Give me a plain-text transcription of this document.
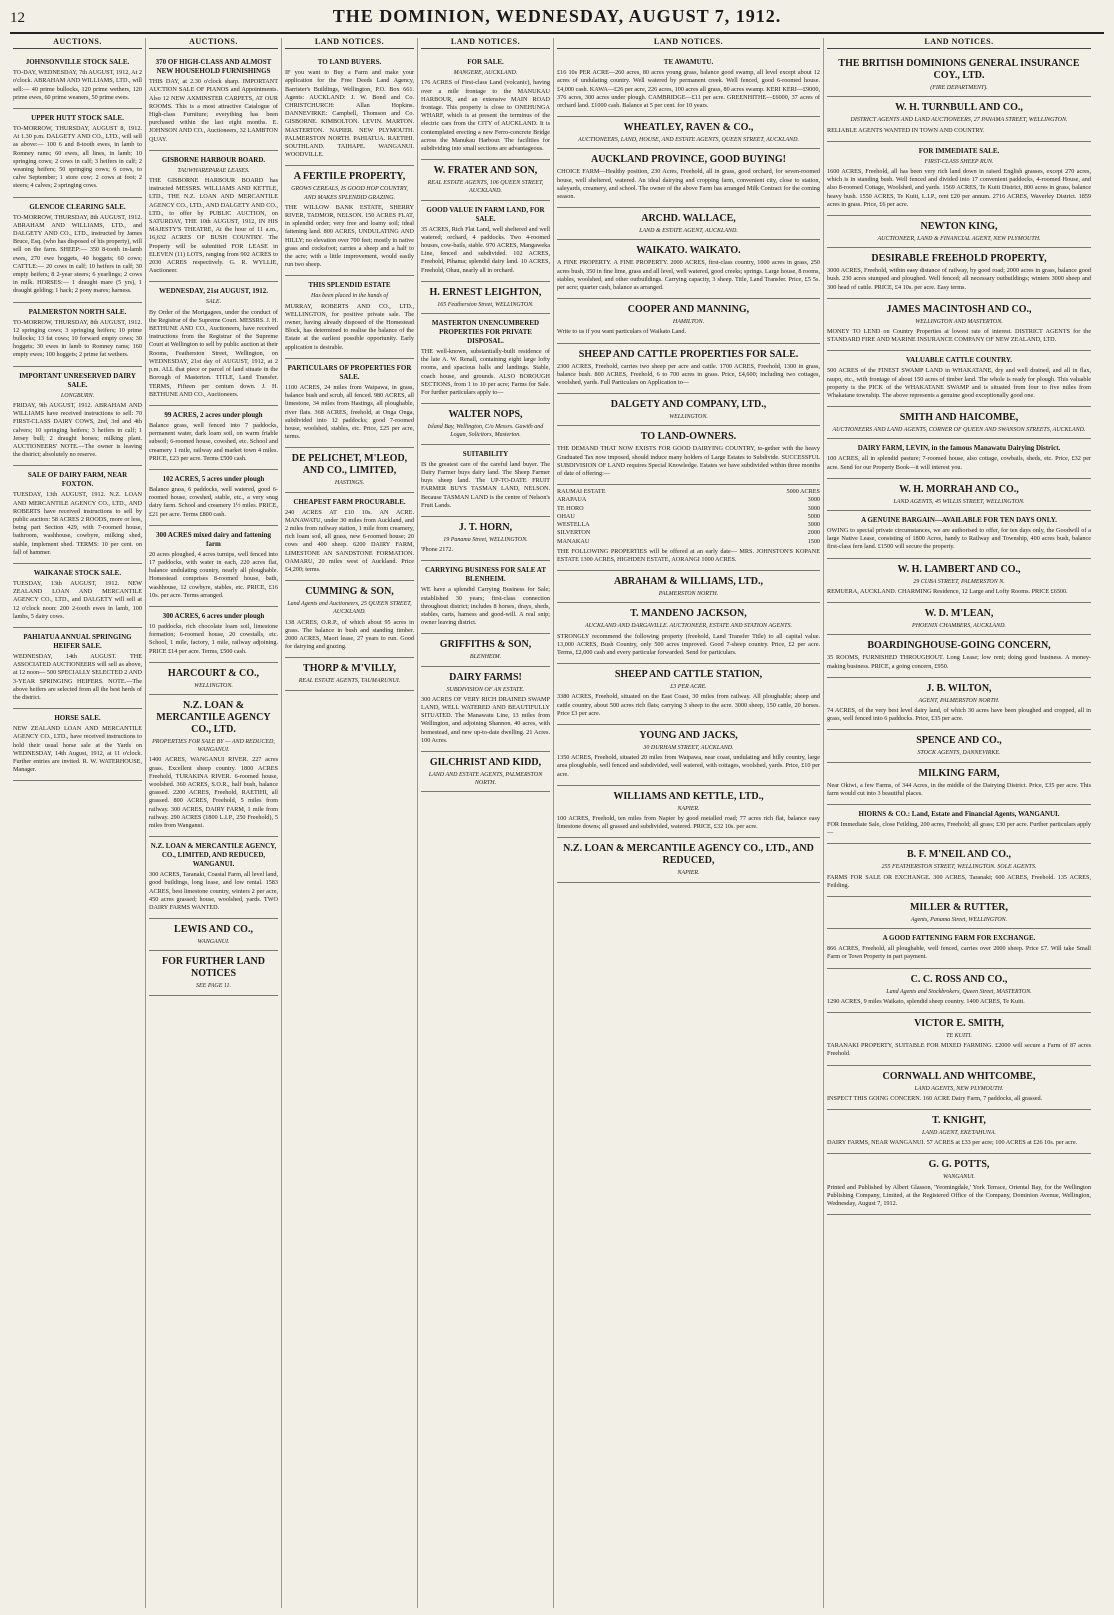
12	THE DOMINION, WEDNESDAY, AUGUST 7, 1912.
AUCTIONS.
JOHNSONVILLE STOCK SALE.
TO-DAY, WEDNESDAY, 7th AUGUST, 1912, At 2 o'clock. ABRAHAM AND WILLIAMS, LTD., will sell:— 40 prime bullocks, 120 prime wethers, 120 prime ewes, 60 prime weaners, 50 prime ewes.
UPPER HUTT STOCK SALE.
TO-MORROW, THURSDAY, AUGUST 8, 1912. At 1.30 p.m. DALGETY AND CO., LTD., will sell as above:— 100 6 and 8-tooth ewes, in lamb to Romney rams; 60 ewes, all lines, in lamb; 10 springing cows; 2 cows in calf; 3 heifers in calf; 2 weaning heifers; 50 springing cows; 6 cows, to calve September; 1 store cow; 2 cows at foot; 2 steers; 4 calves; 2 springing cows.
GLENCOE CLEARING SALE.
TO-MORROW, THURSDAY, 8th AUGUST, 1912. ABRAHAM AND WILLIAMS, LTD., and DALGETY AND CO., LTD., instructed by James Bruce, Esq. (who has disposed of his property), will sell on the farm. SHEEP:— 350 8-tooth in-lamb ewes, 270 ewe hoggets, 40 hoggets; 60 cows; CATTLE:— 20 cows in calf; 10 heifers in calf; 30 empty heifers; 8 2-year steers; 6 yearlings; 2 cows in milk. HORSES:— 1 draught mare (5 yrs), 1 draught gelding; 1 hack; 2 pony mares; harness.
PALMERSTON NORTH SALE.
TO-MORROW, THURSDAY, 8th AUGUST, 1912. 12 springing cows; 3 springing heifers; 10 prime bullocks; 13 fat cows; 10 forward empty cows; 30 hoggets; 30 ewes in lamb to Romney rams; 160 empty ewes; 100 hoggets; 2 prime fat wethers.
IMPORTANT UNRESERVED DAIRY SALE.
LONGBURN.
FRIDAY, 9th AUGUST, 1912. ABRAHAM AND WILLIAMS have received instructions to sell: 70 FIRST-CLASS DAIRY COWS, 2nd, 3rd and 4th calvers; 10 springing heifers; 3 heifers in calf; 1 Jersey bull; 2 draught horses; milking plant. AUCTIONEERS' NOTE.—The owner is leaving the district; absolutely no reserve.
SALE OF DAIRY FARM, NEAR FOXTON.
TUESDAY, 13th AUGUST, 1912. N.Z. LOAN AND MERCANTILE AGENCY CO., LTD., AND ROBERTS have received instructions to sell by public auction: 58 ACRES 2 ROODS, more or less, being part Section 429, with 7-roomed house, bathroom, washhouse, cowbyre, milking shed, stable, implement shed. TERMS: 10 per cent. on fall of hammer.
WAIKANAE STOCK SALE.
TUESDAY, 13th AUGUST, 1912. NEW ZEALAND LOAN AND MERCANTILE AGENCY CO., LTD., and DALGETY will sell at 12 o'clock noon: 200 2-tooth ewes in lamb, 100 lambs, 5 dairy cows.
PAHIATUA ANNUAL SPRINGING HEIFER SALE.
WEDNESDAY, 14th AUGUST. THE ASSOCIATED AUCTIONEERS will sell as above, at 12 noon— 500 SPECIALLY SELECTED 2 AND 3-YEAR SPRINGING HEIFERS. NOTE.—The above heifers are selected from all the best herds of the district.
HORSE SALE.
NEW ZEALAND LOAN AND MERCANTILE AGENCY CO., LTD., have received instructions to hold their usual horse sale at the Yards on WEDNESDAY, 14th August, 1912, at 11 o'clock. Further entries are invited. R. W. WATERHOUSE, Manager.
AUCTIONS.
370 OF HIGH-CLASS AND ALMOST NEW HOUSEHOLD FURNISHINGS
THIS DAY, at 2.30 o'clock sharp. IMPORTANT AUCTION SALE OF PIANOS and Appointments. Also 12 NEW AXMINSTER CARPETS, AT OUR ROOMS. This is a most attractive Catalogue of High-class Furniture; everything has been purchased within the last eight months. E. JOHNSON AND CO., Auctioneers, 32 LAMBTON QUAY.
GISBORNE HARBOUR BOARD.
TAUWHAREPARAE LEASES.
THE GISBORNE HARBOUR BOARD has instructed MESSRS. WILLIAMS AND KETTLE, LTD., THE N.Z. LOAN AND MERCANTILE AGENCY CO., LTD., AND DALGETY AND CO., LTD., to offer by PUBLIC AUCTION, on SATURDAY, THE 10th AUGUST, 1912, IN HIS MAJESTY'S THEATRE, At the hour of 11 a.m., 16,632 ACRES OF BUSH COUNTRY. The Property will be submitted FOR LEASE in ELEVEN (11) LOTS, ranging from 902 ACRES to 2030 ACRES respectively. G. R. WYLLIE, Auctioneer.
WEDNESDAY, 21st AUGUST, 1912.
SALE.
By Order of the Mortgagees, under the conduct of the Registrar of the Supreme Court. MESSRS. J. H. BETHUNE AND CO., Auctioneers, have received instructions from the Registrar of the Supreme Court at Wellington to sell by public auction at their Rooms, Featherston Street, Wellington, on WEDNESDAY, 21st day of AUGUST, 1912, at 2 p.m. ALL that piece or parcel of land situate in the Borough of Masterton. TITLE, Land Transfer. TERMS, Fifteen per centum down. J. H. BETHUNE AND CO., Auctioneers.
99 ACRES, 2 acres under plough
Balance grass, well fenced into 7 paddocks, permanent water, dark loam soil, on warm friable subsoil; 6-roomed house, cowshed, etc. School and creamery 1 mile, railway and market town 4 miles. PRICE, £23 per acre. Terms £500 cash.
102 ACRES, 5 acres under plough
Balance grass, 6 paddocks, well watered, good 6-roomed house, cowshed, stable, etc., a very snug dairy farm. School and creamery 1½ miles. PRICE, £21 per acre. Terms £800 cash.
300 ACRES mixed dairy and fattening farm
20 acres ploughed, 4 acres turnips, well fenced into 17 paddocks, with water in each, 220 acres flat, balance undulating country, nearly all ploughable. Homestead comprises 8-roomed house, bath, washhouse, 12 cowbyre, stables, etc. PRICE, £16 10s. per acre. Terms arranged.
300 ACRES, 6 acres under plough
10 paddocks, rich chocolate loam soil, limestone formation; 6-roomed house, 20 cowstalls, etc. School, 1 mile, factory, 1 mile, railway adjoining. PRICE £14 per acre. Terms, £500 cash.
HARCOURT & CO.,
WELLINGTON.
N.Z. LOAN & MERCANTILE AGENCY CO., LTD.
PROPERTIES FOR SALE BY — AND REDUCED, WANGANUI.
1400 ACRES, WANGANUI RIVER. 227 acres grass. Excellent sheep country. 1800 ACRES Freehold, TURAKINA RIVER. 6-roomed house, woolshed. 360 ACRES, S.O.R., half bush, balance grassed. 2200 ACRES, Freehold, RAETIHI, all grassed. 800 ACRES, Freehold, 5 miles from railway. 300 ACRES, DAIRY FARM, 1 mile from railway. 290 ACRES (1800 L.I.P., 250 Freehold), 5 miles from Wanganui.
N.Z. LOAN & MERCANTILE AGENCY, CO., LIMITED, AND REDUCED, WANGANUI.
300 ACRES, Taranaki, Coastal Farm, all level land, good buildings, long lease, and low rental. 1583 ACRES, best limestone country, winters 2 per acre, 450 acres grassed; house, woolshed, yards. TWO DAIRY FARMS WANTED.
LEWIS AND CO.,
WANGANUI.
FOR FURTHER LAND NOTICES
SEE PAGE 11.
LAND NOTICES.
TO LAND BUYERS.
IF you want to Buy a Farm and make your application for the Free Deeds Land Agency, Barrister's Buildings, Wellington, P.O. Box 661. Agents: AUCKLAND: J. W. Bond and Co. CHRISTCHURCH: Allan Hopkins. DANNEVIRKE: Campbell, Thomson and Co. GISBORNE. KIMBOLTON. LEVIN. MARTON. MASTERTON. NAPIER. NEW PLYMOUTH. PALMERSTON NORTH. PAHIATUA. RAETIHI. SOUTHLAND. TAIHAPE. WANGANUI. WOODVILLE.
A FERTILE PROPERTY,
GROWS CEREALS, IS GOOD HOP COUNTRY, AND MAKES SPLENDID GRAZING.
THE WILLOW BANK ESTATE, SHERRY RIVER, TADMOR, NELSON. 150 ACRES FLAT, in splendid order; very free and loamy soil; ideal fattening land. 800 ACRES, UNDULATING AND HILLY; no elevation over 700 feet; mostly in native grass and cocksfoot; carries a sheep and a half to the acre; with a little improvement, would easily run two sheep.
THIS SPLENDID ESTATE
Has been placed in the hands of
MURRAY, ROBERTS AND CO., LTD., WELLINGTON, for positive private sale. The owner, having already disposed of the Homestead Block, has determined to realise the balance of the Estate at the earliest possible opportunity. Early application is desirable.
PARTICULARS OF PROPERTIES FOR SALE.
1100 ACRES, 24 miles from Waipawa, in grass, balance bush and scrub, all fenced. 980 ACRES, all limestone, 34 miles from Hastings, all ploughable, river flats. 368 ACRES, freehold, at Onga Onga, subdivided into 12 paddocks; good 7-roomed house, woolshed, stables, etc. Price, £25 per acre, terms.
DE PELICHET, M'LEOD, AND CO., LIMITED,
HASTINGS.
CHEAPEST FARM PROCURABLE.
240 ACRES AT £10 10s. AN ACRE. MANAWATU, under 30 miles from Auckland, and 2 miles from railway station, 1 mile from creamery, rich loam soil, all grass, new 6-roomed house; 20 cows and 400 sheep. 6200 DAIRY FARM, LIMESTONE AN SANDSTONE FORMATION. OAMARU, 20 miles west of Auckland. Price £4,200; terms.
CUMMING & SON,
Land Agents and Auctioneers, 25 QUEEN STREET, AUCKLAND.
138 ACRES, O.R.P., of which about 95 acres in grass. The balance in bush and standing timber. 2000 ACRES, Maori lease, 27 years to run. Good for dairying and grazing.
THORP & M'VILLY,
REAL ESTATE AGENTS, TAUMARUNUI.
LAND NOTICES.
FOR SALE.
MANGERE, AUCKLAND.
176 ACRES of First-class Land (volcanic), having over a mile frontage to the MANUKAU HARBOUR, and an extensive MAIN ROAD frontage. This property is close to ONEHUNGA WHARF, which is at present the terminus of the electric cars from the CITY of AUCKLAND. It is contemplated erecting a new Ferro-concrete Bridge across the Manukau Harbour. The facilities for subdividing into small sections are advantageous.
W. FRATER AND SON,
REAL ESTATE AGENTS, 106 QUEEN STREET, AUCKLAND.
GOOD VALUE IN FARM LAND, FOR SALE.
35 ACRES, Rich Flat Land, well sheltered and well watered; orchard, 4 paddocks. Two 4-roomed houses, cow-bails, stable. 970 ACRES, Mangaweka Line, fenced and subdivided. 102 ACRES, Freehold, Pihama; splendid dairy land. 10 ACRES, Freehold, Ohau, nearly all in orchard.
H. ERNEST LEIGHTON,
165 Featherston Street, WELLINGTON.
MASTERTON UNENCUMBERED PROPERTIES FOR PRIVATE DISPOSAL.
THE well-known, substantially-built residence of the late A. W. Renall, containing eight large lofty rooms, and spacious halls and landings. Stable, coach house, and grounds. ALSO BOROUGH SECTIONS, from 1 to 10 per acre; Farms for Sale. For further particulars apply to—
WALTER NOPS,
Island Bay, Wellington, C/o Messrs. Gawith and Logan, Solicitors, Masterton.
SUITABILITY
IS the greatest care of the careful land buyer. The Dairy Farmer buys dairy land. The Sheep Farmer buys sheep land. The UP-TO-DATE FRUIT FARMER BUYS TASMAN LAND, NELSON. Because TASMAN LAND is the centre of Nelson's Fruit Lands.
J. T. HORN,
19 Panama Street, WELLINGTON.
'Phone 2172.
CARRYING BUSINESS FOR SALE AT BLENHEIM.
WE have a splendid Carrying Business for Sale; established 30 years; first-class connection throughout district; includes 8 horses, drays, sheds, stables, carts, harness and good-will. A real snip; owner leaving district.
GRIFFITHS & SON,
BLENHEIM.
DAIRY FARMS!
SUBDIVISION OF AN ESTATE.
300 ACRES OF VERY RICH DRAINED SWAMP LAND, WELL WATERED AND BEAUTIFULLY SITUATED. The Manawatu Line, 13 miles from Wellington, and adjoining Shannon. 40 acres, with homestead, and new up-to-date dwelling. 21 Acres. 100 Acres.
GILCHRIST AND KIDD,
LAND AND ESTATE AGENTS, PALMERSTON NORTH.
LAND NOTICES.
TE AWAMUTU.
£16 10s PER ACRE—260 acres, 80 acres young grass, balance good swamp, all level except about 12 acres of undulating country. Well watered by permanent creek. Well fenced, good 6-roomed house. £4,000 cash. KAWA—£26 per acre, 226 acres, 100 acres all grass, 80 acres swamp. KERI KERI—£9000, 376 acres, 300 acres under plough. CAMBRIDGE—£11 per acre. GREENHITHE—£6000, 37 acres of orchard land. £1000 cash. Balance at 5 per cent. for 10 years.
WHEATLEY, RAVEN & CO.,
AUCTIONEERS, LAND, HOUSE, AND ESTATE AGENTS, QUEEN STREET, AUCKLAND.
AUCKLAND PROVINCE, GOOD BUYING!
CHOICE FARM—Healthy position, 230 Acres, Freehold, all in grass, good orchard, for seven-roomed house, well sheltered, watered. An ideal dairying and cropping farm, convenient city, close to station, saleyards, creamery, and school. The owner of the above Farm has arranged Milk Contract for the coming season.
ARCHD. WALLACE,
LAND & ESTATE AGENT, AUCKLAND.
WAIKATO. WAIKATO.
A FINE PROPERTY. A FINE PROPERTY. 2000 ACRES, first-class country, 1000 acres in grass, 250 acres bush, 350 in fine lime, grass and all level, well watered, good creeks; springs. Large house, 8 rooms, stables, woolshed, and other outbuildings. Carrying capacity, 3 sheep. Title, Land Transfer. Price, £5 5s. per acre; quarter cash, balance as arranged.
COOPER AND MANNING,
HAMILTON.
Write to us if you want particulars of Waikato Land.
SHEEP AND CATTLE PROPERTIES FOR SALE.
2300 ACRES, Freehold, carries two sheep per acre and cattle. 1700 ACRES, Freehold, 1300 in grass, balance bush. 800 ACRES, Freehold, 6 to 700 acres in grass. Price, £4,600; including two cottages, woolshed, yards. Full Particulars on Application to—
DALGETY AND COMPANY, LTD.,
WELLINGTON.
TO LAND-OWNERS.
THE DEMAND THAT NOW EXISTS FOR GOOD DAIRYING COUNTRY, to-gether with the heavy Graduated Tax now imposed, should induce many holders of Large Estates to Subdivide. SUCCESSFUL SUBDIVISION OF LAND requires Special Knowledge. Estates we have subdivided within three months of date of offering:—
RAUMAI ESTATE	5000 ACRES
ARAPAUA	3000
TE HORO	3000
OHAU	5000
WESTELLA	3000
SILVERTON	2000
MANAKAU	1500
THE FOLLOWING PROPERTIES will be offered at an early date— MRS. JOHNSTON'S KOPANE ESTATE 1300 ACRES, HIGHDEN ESTATE, AORANGI 1000 ACRES.
ABRAHAM & WILLIAMS, LTD.,
PALMERSTON NORTH.
T. MANDENO JACKSON,
AUCKLAND AND DARGAVILLE. AUCTIONEER, ESTATE AND STATION AGENTS.
STRONGLY recommend the following property (freehold, Land Transfer Title) to all capital value. 13,000 ACRES, Bush Country, only 500 acres improved. Good 7-sheep country. Price, £2 per acre. Terms, £2,000 cash and every particular forwarded. Send for particulars.
SHEEP AND CATTLE STATION,
£3 PER ACRE.
3380 ACRES, Freehold, situated on the East Coast, 30 miles from railway. All ploughable; sheep and cattle country, about 500 acres rich flats; carrying 3 sheep to the acre. 3000 sheep, 150 cattle, 20 horses. Price £3 per acre.
YOUNG AND JACKS,
30 DURHAM STREET, AUCKLAND.
1350 ACRES, Freehold, situated 20 miles from Waipawa, near coast, undulating and hilly country, large area ploughable, well fenced and subdivided, well watered, with cottages, woolshed, yards. Price, £10 per acre.
WILLIAMS AND KETTLE, LTD.,
NAPIER.
100 ACRES, Freehold, ten miles from Napier by good metalled road; 77 acres rich flat, balance easy limestone downs; all grassed and subdivided, watered. PRICE, £32 10s. per acre.
N.Z. LOAN & MERCANTILE AGENCY CO., LTD., AND REDUCED,
NAPIER.
LAND NOTICES.
THE BRITISH DOMINIONS GENERAL INSURANCE COY., LTD.
(FIRE DEPARTMENT).
W. H. TURNBULL AND CO.,
DISTRICT AGENTS AND LAND AUCTIONEERS, 27 PANAMA STREET, WELLINGTON.
RELIABLE AGENTS WANTED IN TOWN AND COUNTRY.
FOR IMMEDIATE SALE.
FIRST-CLASS SHEEP RUN.
1600 ACRES, Freehold, all has been very rich land down in raised English grasses, except 270 acres, which is in standing bush. Well fenced and divided into 17 convenient paddocks, 4-roomed House, and also 8-roomed Cottage, Woolshed, and yards. 1569 ACRES, Te Kuiti District, 800 acres in grass, balance heavy bush. 1550 ACRES, Te Kuiti, L.I.P., rent £20 per annum. 2716 ACRES, Waverley District. 1859 acres in grass. Price, £6 per acre.
NEWTON KING,
AUCTIONEER, LAND & FINANCIAL AGENT, NEW PLYMOUTH.
DESIRABLE FREEHOLD PROPERTY,
3000 ACRES, Freehold, within easy distance of railway, by good road; 2000 acres in grass, balance good bush. 230 acres stumped and ploughed. Well fenced; all necessary outbuildings; winters 3000 sheep and 300 head of cattle. PRICE, £4 10s. per acre. Easy terms.
JAMES MACINTOSH AND CO.,
WELLINGTON AND MASTERTON.
MONEY TO LEND on Country Properties at lowest rate of interest. DISTRICT AGENTS for the STANDARD FIRE AND MARINE INSURANCE COMPANY OF NEW ZEALAND, LTD.
VALUABLE CATTLE COUNTRY.
500 ACRES of the FINEST SWAMP LAND in WHAKATANE, dry and well drained, and all in flax, raupo, etc., with frontage of about 150 acres of timber land. The whole is ready for plough. This valuable property is the PICK of the WHAKATANE SWAMP and is situated from four to five miles from Whakatane township. The above represents a genuine good exceptionally good one.
SMITH AND HAICOMBE,
AUCTIONEERS AND LAND AGENTS, CORNER OF QUEEN AND SWANSON STREETS, AUCKLAND.
DAIRY FARM, LEVIN, in the famous Manawatu Dairying District.
100 ACRES, all in splendid pasture; 7-roomed house, also cottage, cowbails, sheds, etc. Price, £32 per acre. Send for our Property Book—it will interest you.
W. H. MORRAH AND CO.,
LAND AGENTS, 45 WILLIS STREET, WELLINGTON.
A GENUINE BARGAIN—AVAILABLE FOR TEN DAYS ONLY.
OWING to special private circumstances, we are authorised to offer, for ten days only, the Goodwill of a large Native Lease, consisting of 1800 Acres, handy to Railway and Township, 400 acres bush, balance first-class fern land. £1500 will secure the property.
W. H. LAMBERT AND CO.,
29 CUBA STREET, PALMERSTON N.
REMUERA, AUCKLAND. CHARMING Residence, 12 Large and Lofty Rooms. PRICE £6500.
W. D. M'LEAN,
PHOENIX CHAMBERS, AUCKLAND.
BOARDINGHOUSE-GOING CONCERN,
35 ROOMS, FURNISHED THROUGHOUT. Long Lease; low rent; doing good business. A money-making business. PRICE, a going concern, £950.
J. B. WILTON,
AGENT, PALMERSTON NORTH.
74 ACRES, of the very best level dairy land, of which 30 acres have been ploughed and cropped, all in grass, well fenced into 6 paddocks. Price, £35 per acre.
SPENCE AND CO.,
STOCK AGENTS, DANNEVIRKE.
MILKING FARM,
Near Okiwi, a few Farms, of 344 Acres, in the middle of the Dairying District. Price, £35 per acre. This farm would cut into 3 beautiful places.
HIORNS & CO.: Land, Estate and Financial Agents, WANGANUI.
FOR Immediate Sale, close Feilding, 200 acres, Freehold; all grass; £30 per acre. Further particulars apply—
B. F. M'NEIL AND CO.,
255 FEATHERSTON STREET, WELLINGTON. SOLE AGENTS.
FARMS FOR SALE OR EXCHANGE. 300 ACRES, Taranaki; 600 ACRES, Freehold. 135 ACRES, Feilding.
MILLER & RUTTER,
Agents, Panama Street, WELLINGTON.
A GOOD FATTENING FARM FOR EXCHANGE.
866 ACRES, Freehold, all ploughable, well fenced, carries over 2000 sheep. Price £7. Will take Small Farm or Town Property in part payment.
C. C. ROSS AND CO.,
Land Agents and Stockbrokers, Queen Street, MASTERTON.
1290 ACRES, 9 miles Waikato, splendid sheep country. 1400 ACRES, Te Kuiti.
VICTOR E. SMITH,
TE KUITI.
TARANAKI PROPERTY, SUITABLE FOR MIXED FARMING. £2000 will secure a Farm of 87 acres Freehold.
CORNWALL AND WHITCOMBE,
LAND AGENTS, NEW PLYMOUTH.
INSPECT THIS GOING CONCERN. 160 ACRE Dairy Farm, 7 paddocks, all grassed.
T. KNIGHT,
LAND AGENT, EKETAHUNA.
DAIRY FARMS, NEAR WANGANUI. 57 ACRES at £33 per acre; 100 ACRES at £26 10s. per acre.
G. G. POTTS,
WANGANUI.
Printed and Published by Albert Glasson, 'Yeomingdale,' York Terrace, Oriental Bay, for the Wellington Publishing Company, Limited, at the Registered Office of the Company, Dominion Avenue, Wellington, Wednesday, August 7, 1912.
